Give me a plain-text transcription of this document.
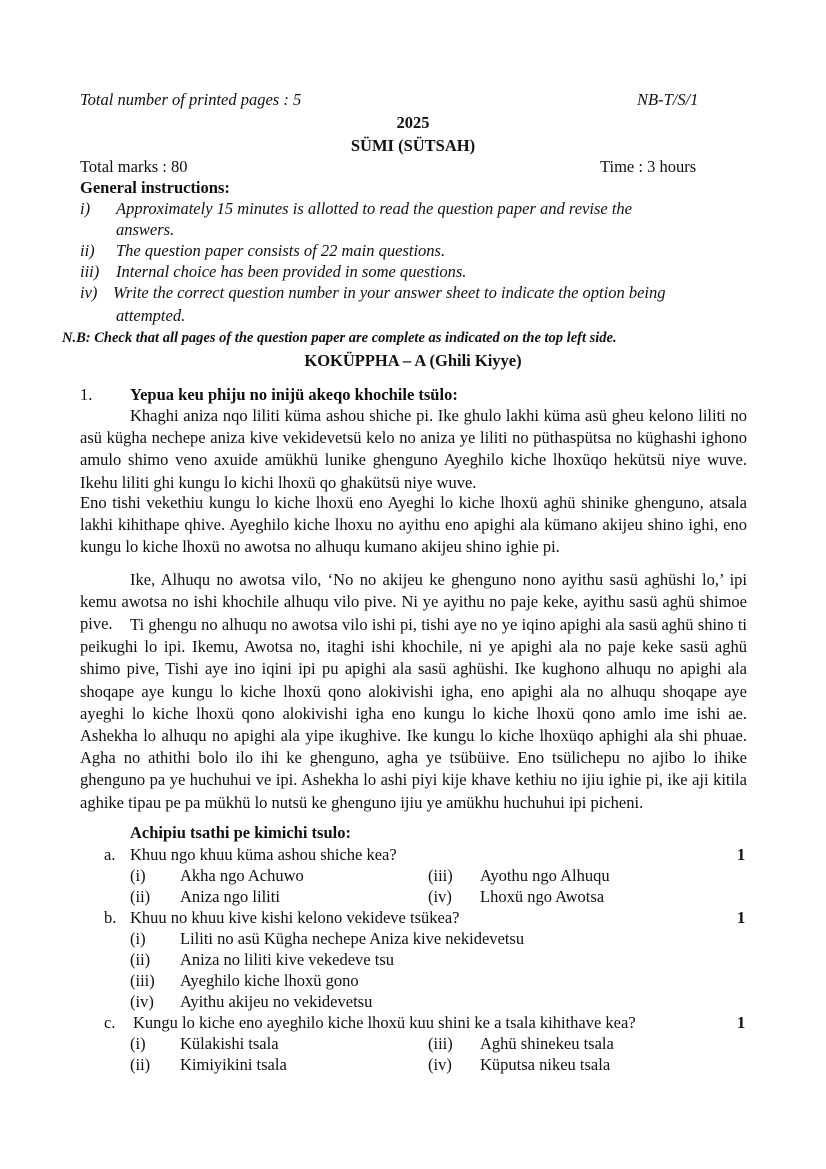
Total number of printed pages : 5	NB-T/S/1
2025
SÜMI (SÜTSAH)
Total marks : 80	Time : 3 hours
General instructions:
i) Approximately 15 minutes is allotted to read the question paper and revise the
answers.
ii) The question paper consists of 22 main questions.
iii) Internal choice has been provided in some questions.
iv) Write the correct question number in your answer sheet to indicate the option being
attempted.
N.B: Check that all pages of the question paper are complete as indicated on the top left side.
KOKÜPPHA – A (Ghili Kiyye)
1. Yepua keu phiju no inijü akeqo khochile tsülo:

Khaghi aniza nqo liliti küma ashou shiche pi. Ike ghulo lakhi küma asü gheu kelono liliti no asü kügha nechepe aniza kive vekidevetsü kelo no aniza ye liliti no püthaspütsa no küghashi ighono amulo shimo veno axuide amükhü lunike ghenguno Ayeghilo kiche lhoxüqo hekütsü niye wuve. Ikehu liliti ghi kungu lo kichi lhoxü qo ghakütsü niye wuve.

Eno tishi vekethiu kungu lo kiche lhoxü eno Ayeghi lo kiche lhoxü aghü shinike ghenguno, atsala lakhi kihithape qhive. Ayeghilo kiche lhoxu no ayithu eno apighi ala kümano akijeu shino ighi, eno kungu lo kiche lhoxü no awotsa no alhuqu kumano akijeu shino ighie pi.

Ike, Alhuqu no awotsa vilo, ‘No no akijeu ke ghenguno nono ayithu sasü aghüshi lo,’ ipi kemu awotsa no ishi khochile alhuqu vilo pive. Ni ye ayithu no paje keke, ayithu sasü aghü shimoe pive.	Ti ghengu no alhuqu no awotsa vilo ishi pi, tishi aye no ye iqino apighi ala sasü aghü shino ti peikughi lo ipi. Ikemu, Awotsa no, itaghi ishi khochile, ni ye apighi ala no paje keke sasü aghü shimo pive, Tishi aye ino iqini ipi pu apighi ala sasü aghüshi. Ike kughono alhuqu no apighi ala shoqape aye kungu lo kiche lhoxü qono alokivishi igha, eno apighi ala no alhuqu shoqape aye ayeghi lo kiche lhoxü qono alokivishi igha eno kungu lo kiche lhoxü qono amlo ime ishi ae. Ashekha lo alhuqu no apighi ala yipe ikughive. Ike kungu lo kiche lhoxüqo aphighi ala shi phuae. Agha no athithi bolo ilo ihi ke ghenguno, agha ye tsübüive. Eno tsülichepu no ajibo lo ihike ghenguno pa ye huchuhui ve ipi. Ashekha lo ashi piyi kije khave kethiu no ijiu ighie pi, ike aji kitila aghike tipau pe pa mükhü lo nutsü ke ghenguno ijiu ye amükhu huchuhui ipi picheni.

Achipiu tsathi pe kimichi tsulo:
a. Khuu ngo khuu küma ashou shiche kea?	1
(i) Akha ngo Achuwo	(iii) Ayothu ngo Alhuqu
(ii) Aniza ngo liliti	(iv) Lhoxü ngo Awotsa
b. Khuu no khuu kive kishi kelono vekideve tsükea?	1
(i) Liliti no asü Kügha nechepe Aniza kive nekidevetsu
(ii) Aniza no liliti kive vekedeve tsu
(iii) Ayeghilo kiche lhoxü gono
(iv) Ayithu akijeu no vekidevetsu
c. Kungu lo kiche eno ayeghilo kiche lhoxü kuu shini ke a tsala kihithave kea?	1
(i) Külakishi tsala	(iii) Aghü shinekeu tsala
(ii) Kimiyikini tsala	(iv) Küputsa nikeu tsala
